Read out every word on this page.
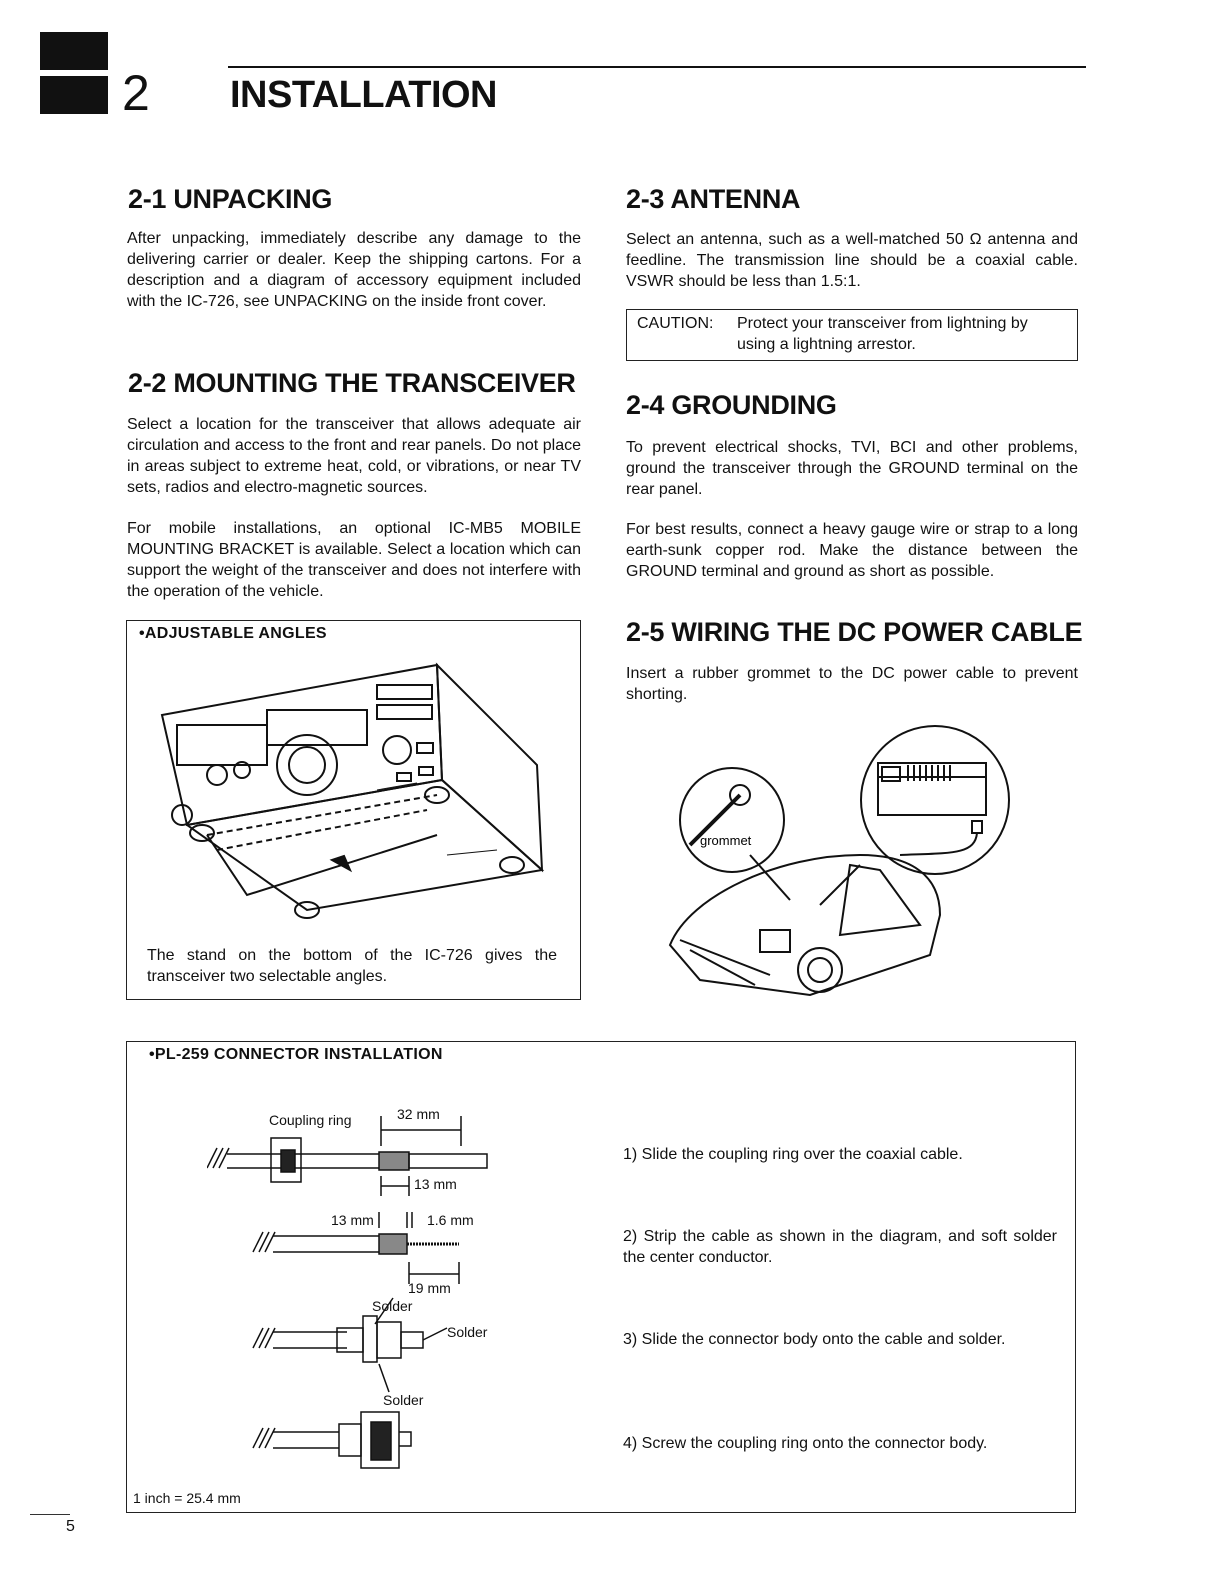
2 INSTALLATION
2-1 UNPACKING

After unpacking, immediately describe any damage to the delivering carrier or dealer. Keep the shipping cartons. For a description and a diagram of accessory equipment included with the IC-726, see UNPACKING on the inside front cover.

2-2 MOUNTING THE TRANSCEIVER

Select a location for the transceiver that allows adequate air circulation and access to the front and rear panels. Do not place in areas subject to extreme heat, cold, or vibrations, or near TV sets, radios and electro-magnetic sources.

For mobile installations, an optional IC-MB5 MOBILE MOUNTING BRACKET is available. Select a location which can support the weight of the transceiver and does not interfere with the operation of the vehicle.

•ADJUSTABLE ANGLES

The stand on the bottom of the IC-726 gives the transceiver two selectable angles.

2-3 ANTENNA

Select an antenna, such as a well-matched 50 Ω antenna and feedline. The transmission line should be a coaxial cable. VSWR should be less than 1.5:1.

CAUTION: Protect your transceiver from lightning by
using a lightning arrestor.
2-4 GROUNDING

To prevent electrical shocks, TVI, BCI and other problems, ground the transceiver through the GROUND terminal on the rear panel.

For best results, connect a heavy gauge wire or strap to a long earth-sunk copper rod. Make the distance between the GROUND terminal and ground as short as possible.

2-5 WIRING THE DC POWER CABLE

Insert a rubber grommet to the DC power cable to prevent shorting.

grommet
•PL-259 CONNECTOR INSTALLATION
Coupling ring	32 mm
13 mm
13 mm	1.6 mm
19 mm
Solder
Solder
Solder
1) Slide the coupling ring over the coaxial cable.
2) Strip the cable as shown in the diagram, and soft solder the center conductor.
3) Slide the connector body onto the cable and solder.
4) Screw the coupling ring onto the connector body.
1 inch = 25.4 mm
5
